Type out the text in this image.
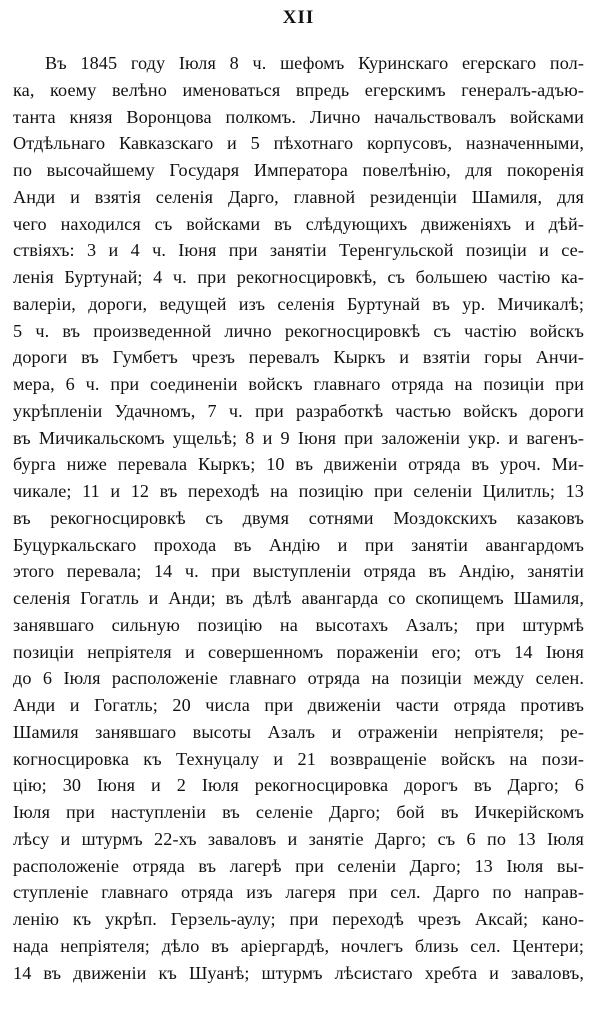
XII
Въ 1845 году Іюля 8 ч. шефомъ Куринскаго егерскаго пол-
ка, коему велѣно именоваться впредь егерскимъ генералъ-адъю-
танта князя Воронцова полкомъ. Лично начальствовалъ войсками
Отдѣльнаго Кавказскаго и 5 пѣхотнаго корпусовъ, назначенными,
по высочайшему Государя Императора повелѣнію, для покоренія
Анди и взятія селенія Дарго, главной резиденціи Шамиля, для
чего находился съ войсками въ слѣдующихъ движеніяхъ и дѣй-
ствіяхъ: 3 и 4 ч. Іюня при занятіи Теренгульской позиціи и се-
ленія Буртунай; 4 ч. при рекогносцировкѣ, съ большею частію ка-
валеріи, дороги, ведущей изъ селенія Буртунай въ ур. Мичикалѣ;
5 ч. въ произведенной лично рекогносцировкѣ съ частію войскъ
дороги въ Гумбетъ чрезъ перевалъ Кыркъ и взятіи горы Анчи-
мера, 6 ч. при соединеніи войскъ главнаго отряда на позиціи при
укрѣпленіи Удачномъ, 7 ч. при разработкѣ частью войскъ дороги
въ Мичикальскомъ ущельѣ; 8 и 9 Іюня при заложеніи укр. и вагенъ-
бурга ниже перевала Кыркъ; 10 въ движеніи отряда въ уроч. Ми-
чикале; 11 и 12 въ переходѣ на позицію при селеніи Цилитль; 13
въ рекогносцировкѣ съ двумя сотнями Моздокскихъ казаковъ
Буцуркальскаго прохода въ Андію и при занятіи авангардомъ
этого перевала; 14 ч. при выступленіи отряда въ Андію, занятіи
селенія Гогатль и Анди; въ дѣлѣ авангарда со скопищемъ Шамиля,
занявшаго сильную позицію на высотахъ Азалъ; при штурмѣ
позиціи непріятеля и совершенномъ пораженіи его; отъ 14 Іюня
до 6 Іюля расположеніе главнаго отряда на позиціи между селен.
Анди и Гогатль; 20 числа при движеніи части отряда противъ
Шамиля занявшаго высоты Азалъ и отраженіи непріятеля; ре-
когносцировка къ Технуцалу и 21 возвращеніе войскъ на пози-
цію; 30 Іюня и 2 Іюля рекогносцировка дорогъ въ Дарго; 6
Іюля при наступленіи въ селеніе Дарго; бой въ Ичкерійскомъ
лѣсу и штурмъ 22-хъ заваловъ и занятіе Дарго; съ 6 по 13 Іюля
расположеніе отряда въ лагерѣ при селеніи Дарго; 13 Іюля вы-
ступленіе главнаго отряда изъ лагеря при сел. Дарго по направ-
ленію къ укрѣп. Герзель-аулу; при переходѣ чрезъ Аксай; кано-
нада непріятеля; дѣло въ аріергардѣ, ночлегъ близь сел. Центери;
14 въ движеніи къ Шуанѣ; штурмъ лѣсистаго хребта и заваловъ,
